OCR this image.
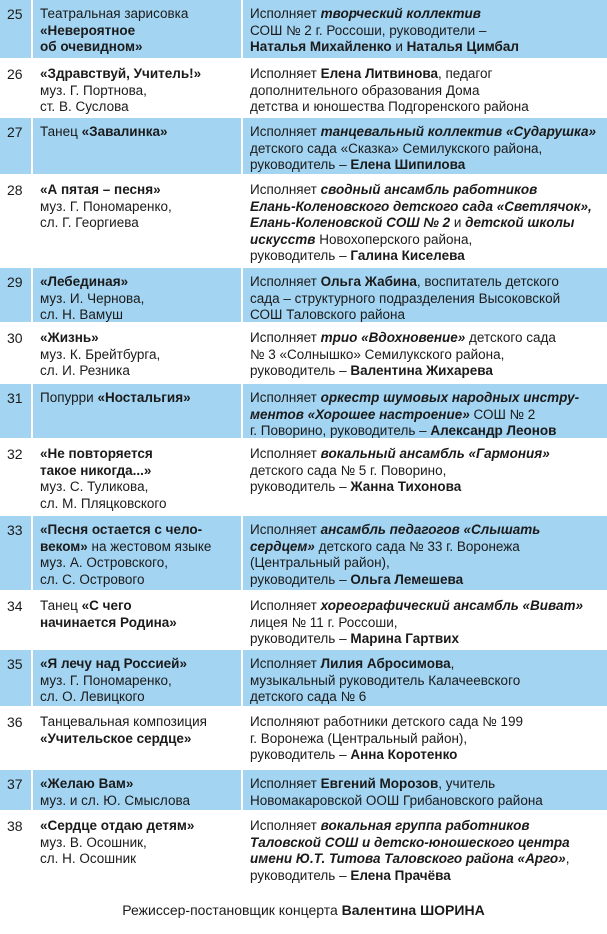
25	Театральная зарисовка
«Невероятное
об очевидном»
Исполняет творческий коллектив
СОШ № 2 г. Россоши, руководители –
Наталья Михайленко и Наталья Цимбал
26	«Здравствуй, Учитель!»
муз. Г. Портнова,
ст. В. Суслова
Исполняет Елена Литвинова, педагог
дополнительного образования Дома
детства и юношества Подгоренского района
27	Танец «Завалинка»	Исполняет танцевальный коллектив «Сударушка»
детского сада «Сказка» Семилукского района,
руководитель – Елена Шипилова
28	«А пятая – песня»
муз. Г. Пономаренко,
сл. Г. Георгиева
Исполняет сводный ансамбль работников
Елань-Коленовского детского сада «Светлячок»,
Елань-Коленовской СОШ № 2 и детской школы
искусств Новохоперского района,
руководитель – Галина Киселева
29	«Лебединая»
муз. И. Чернова,
сл. Н. Вамуш
Исполняет Ольга Жабина, воспитатель детского
сада – структурного подразделения Высоковской
СОШ Таловского района
30	«Жизнь»
муз. К. Брейтбурга,
сл. И. Резника
Исполняет трио «Вдохновение» детского сада
№ 3 «Солнышко» Семилукского района,
руководитель – Валентина Жихарева
31	Попурри «Ностальгия»	Исполняет оркестр шумовых народных инстру-
ментов «Хорошее настроение» СОШ № 2
г. Поворино, руководитель – Александр Леонов
32	«Не повторяется
такое никогда...»
муз. С. Туликова,
сл. М. Пляцковского
Исполняет вокальный ансамбль «Гармония»
детского сада № 5 г. Поворино,
руководитель – Жанна Тихонова
33	«Песня остается с чело-
веком» на жестовом языке
муз. А. Островского,
сл. С. Острового
Исполняет ансамбль педагогов «Слышать
сердцем» детского сада № 33 г. Воронежа
(Центральный район),
руководитель – Ольга Лемешева
34	Танец «С чего
начинается Родина»
Исполняет хореографический ансамбль «Виват»
лицея № 11 г. Россоши,
руководитель – Марина Гартвих
35	«Я лечу над Россией»
муз. Г. Пономаренко,
сл. О. Левицкого
Исполняет Лилия Абросимова,
музыкальный руководитель Калачеевского
детского сада № 6
36	Танцевальная композиция
«Учительское сердце»
Исполняют работники детского сада № 199
г. Воронежа (Центральный район),
руководитель – Анна Коротенко
37	«Желаю Вам»
муз. и сл. Ю. Смыслова
Исполняет Евгений Морозов, учитель
Новомакаровской ООШ Грибановского района
38	«Сердце отдаю детям»
муз. В. Осошник,
сл. Н. Осошник
Исполняет вокальная группа работников
Таловской СОШ и детско-юношеского центра
имени Ю.Т. Титова Таловского района «Арго»,
руководитель – Елена Прачёва
Режиссер-постановщик концерта Валентина ШОРИНА
